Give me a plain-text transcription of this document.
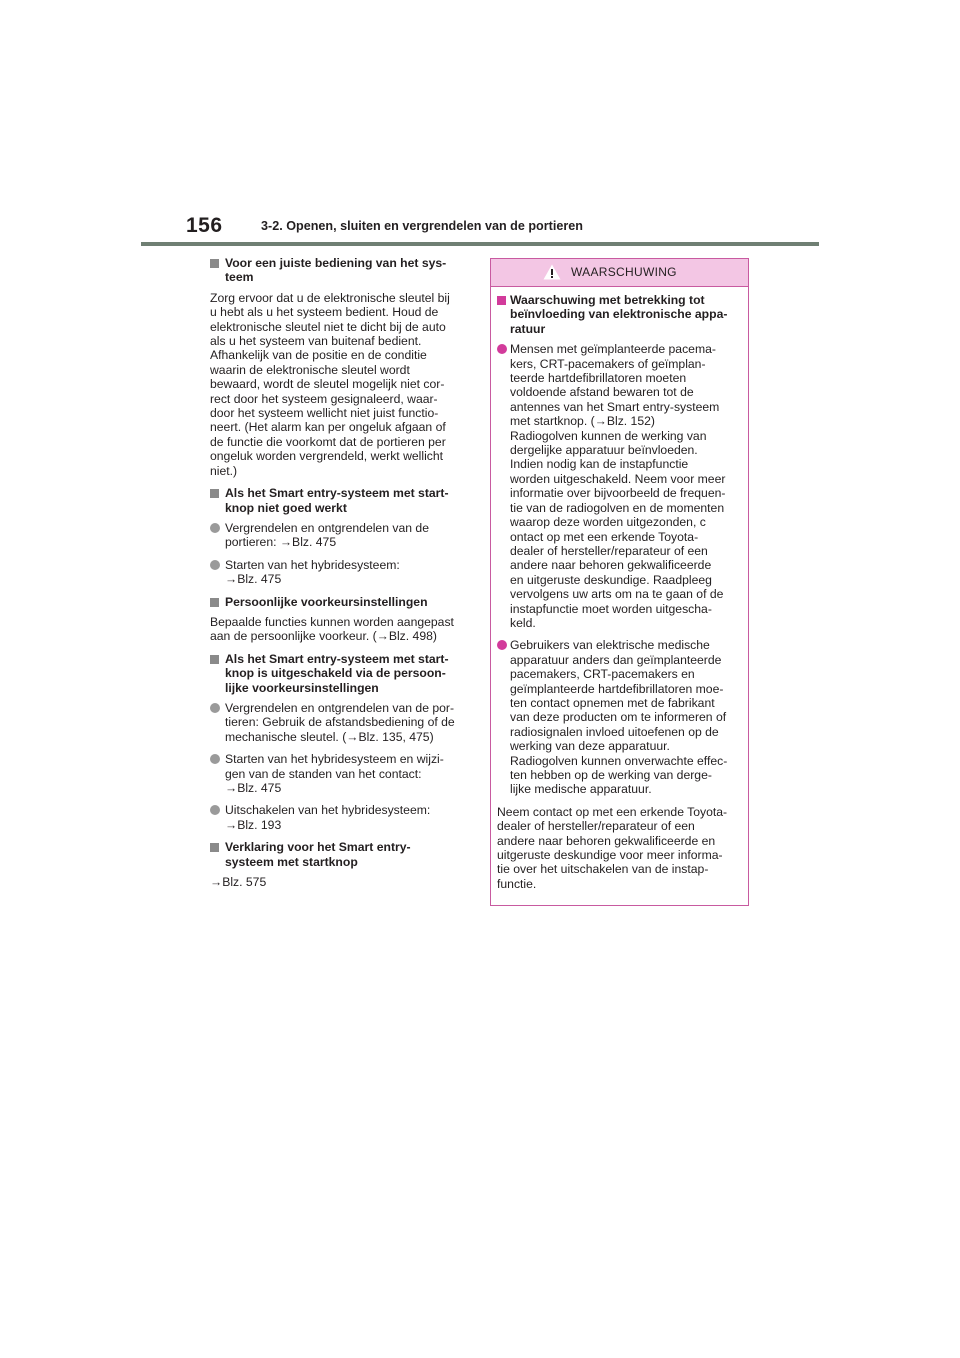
156	3-2. Openen, sluiten en vergrendelen van de portieren
Voor een juiste bediening van het sys-
teem
Zorg ervoor dat u de elektronische sleutel bij
u hebt als u het systeem bedient. Houd de
elektronische sleutel niet te dicht bij de auto
als u het systeem van buitenaf bedient.
Afhankelijk van de positie en de conditie
waarin de elektronische sleutel wordt
bewaard, wordt de sleutel mogelijk niet cor-
rect door het systeem gesignaleerd, waar-
door het systeem wellicht niet juist functio-
neert. (Het alarm kan per ongeluk afgaan of
de functie die voorkomt dat de portieren per
ongeluk worden vergrendeld, werkt wellicht
niet.)
Als het Smart entry-systeem met start-
knop niet goed werkt
Vergrendelen en ontgrendelen van de
portieren: →Blz. 475
Starten van het hybridesysteem:
→Blz. 475
Persoonlijke voorkeursinstellingen
Bepaalde functies kunnen worden aangepast
aan de persoonlijke voorkeur. (→Blz. 498)
Als het Smart entry-systeem met start-
knop is uitgeschakeld via de persoon-
lijke voorkeursinstellingen
Vergrendelen en ontgrendelen van de por-
tieren: Gebruik de afstandsbediening of de
mechanische sleutel. (→Blz. 135, 475)
Starten van het hybridesysteem en wijzi-
gen van de standen van het contact:
→Blz. 475
Uitschakelen van het hybridesysteem:
→Blz. 193
Verklaring voor het Smart entry-
systeem met startknop
→Blz. 575
WAARSCHUWING
Waarschuwing met betrekking tot
beïnvloeding van elektronische appa-
ratuur
Mensen met geïmplanteerde pacema-
kers, CRT-pacemakers of geïmplan-
teerde hartdefibrillatoren moeten
voldoende afstand bewaren tot de
antennes van het Smart entry-systeem
met startknop. (→Blz. 152)
Radiogolven kunnen de werking van
dergelijke apparatuur beïnvloeden.
Indien nodig kan de instapfunctie
worden uitgeschakeld. Neem voor meer
informatie over bijvoorbeeld de frequen-
tie van de radiogolven en de momenten
waarop deze worden uitgezonden, c
ontact op met een erkende Toyota-
dealer of hersteller/reparateur of een
andere naar behoren gekwalificeerde
en uitgeruste deskundige. Raadpleeg
vervolgens uw arts om na te gaan of de
instapfunctie moet worden uitgescha-
keld.
Gebruikers van elektrische medische
apparatuur anders dan geïmplanteerde
pacemakers, CRT-pacemakers en
geïmplanteerde hartdefibrillatoren moe-
ten contact opnemen met de fabrikant
van deze producten om te informeren of
radiosignalen invloed uitoefenen op de
werking van deze apparatuur.
Radiogolven kunnen onverwachte effec-
ten hebben op de werking van derge-
lijke medische apparatuur.
Neem contact op met een erkende Toyota-
dealer of hersteller/reparateur of een
andere naar behoren gekwalificeerde en
uitgeruste deskundige voor meer informa-
tie over het uitschakelen van de instap-
functie.
